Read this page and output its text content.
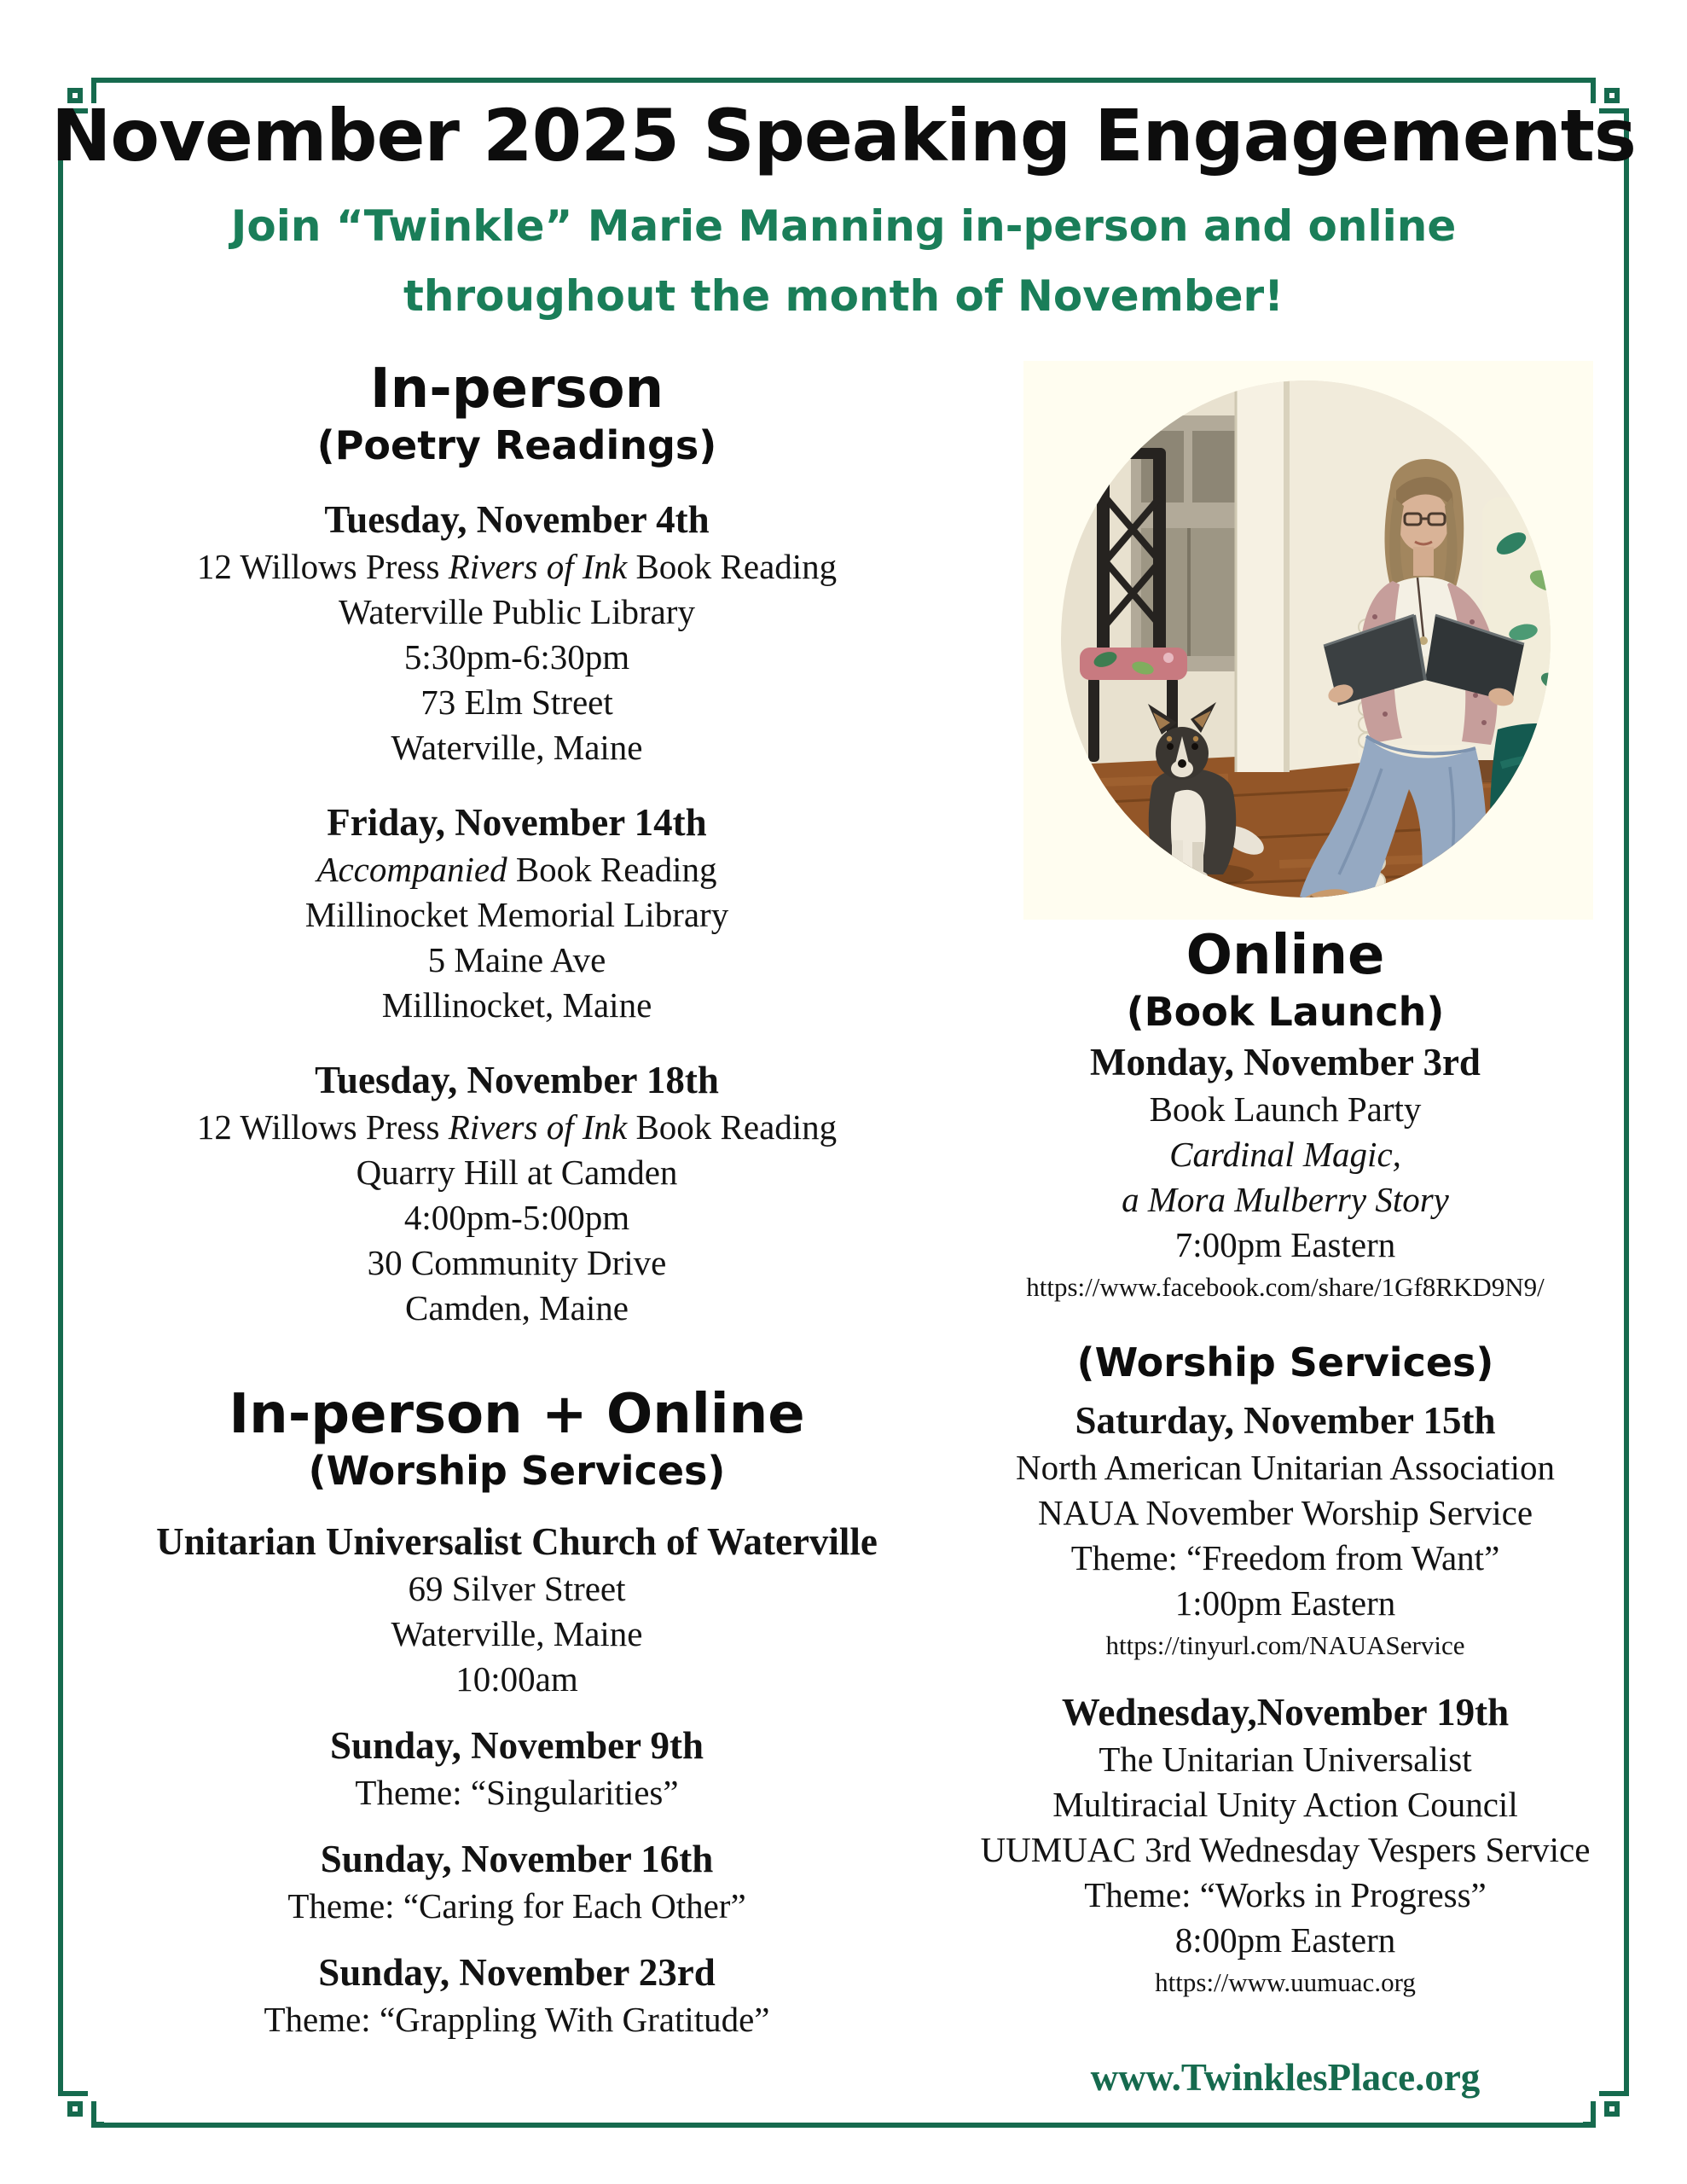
November 2025 Speaking Engagements
Join “Twinkle” Marie Manning in-person and online
throughout the month of November!
In-person
(Poetry Readings)
Tuesday, November 4th
12 Willows Press Rivers of Ink Book Reading
Waterville Public Library
5:30pm-6:30pm
73 Elm Street
Waterville, Maine
Friday, November 14th
Accompanied Book Reading
Millinocket Memorial Library
5 Maine Ave
Millinocket, Maine
Tuesday, November 18th
12 Willows Press Rivers of Ink Book Reading
Quarry Hill at Camden
4:00pm-5:00pm
30 Community Drive
Camden, Maine
In-person + Online
(Worship Services)
Unitarian Universalist Church of Waterville
69 Silver Street
Waterville, Maine
10:00am
Sunday, November 9th
Theme: “Singularities”
Sunday, November 16th
Theme: “Caring for Each Other”
Sunday, November 23rd
Theme: “Grappling With Gratitude”
Online
(Book Launch)
Monday, November 3rd
Book Launch Party
Cardinal Magic,
a Mora Mulberry Story
7:00pm Eastern
https://www.facebook.com/share/1Gf8RKD9N9/
(Worship Services)
Saturday, November 15th
North American Unitarian Association
NAUA November Worship Service
Theme: “Freedom from Want”
1:00pm Eastern
https://tinyurl.com/NAUAService
Wednesday,November 19th
The Unitarian Universalist
Multiracial Unity Action Council
UUMUAC 3rd Wednesday Vespers Service
Theme: “Works in Progress”
8:00pm Eastern
https://www.uumuac.org
www.TwinklesPlace.org
